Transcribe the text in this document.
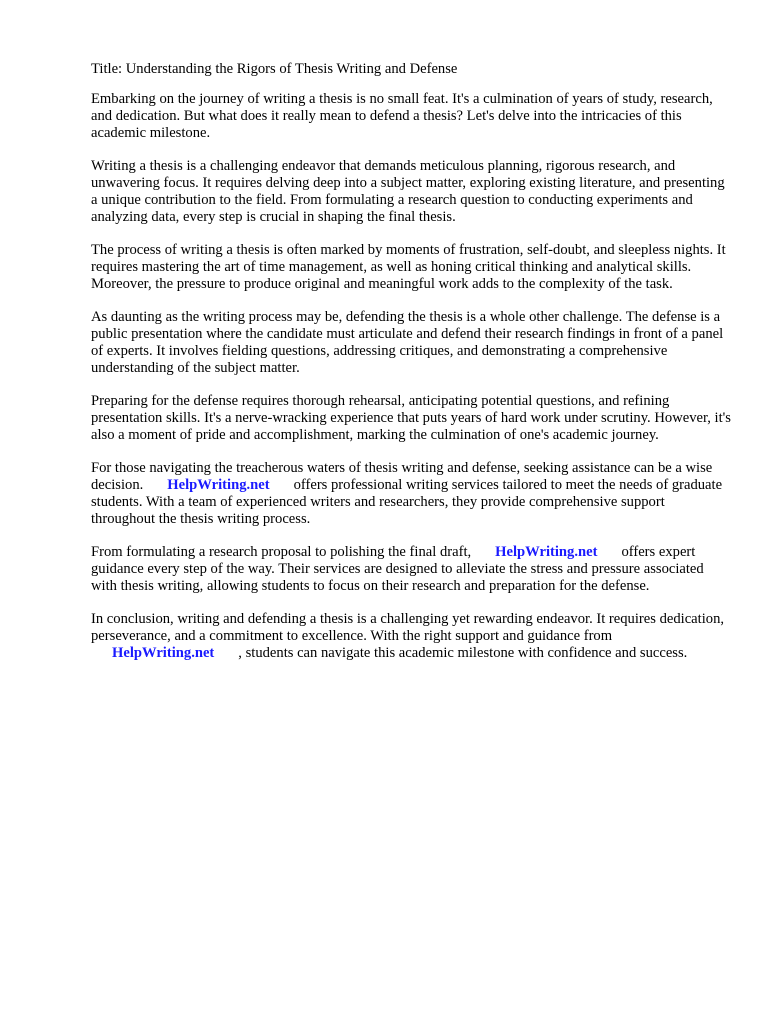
Title: Understanding the Rigors of Thesis Writing and Defense

Embarking on the journey of writing a thesis is no small feat. It's a culmination of years of study, research, and dedication. But what does it really mean to defend a thesis? Let's delve into the intricacies of this academic milestone.

Writing a thesis is a challenging endeavor that demands meticulous planning, rigorous research, and unwavering focus. It requires delving deep into a subject matter, exploring existing literature, and presenting a unique contribution to the field. From formulating a research question to conducting experiments and analyzing data, every step is crucial in shaping the final thesis.

The process of writing a thesis is often marked by moments of frustration, self-doubt, and sleepless nights. It requires mastering the art of time management, as well as honing critical thinking and analytical skills. Moreover, the pressure to produce original and meaningful work adds to the complexity of the task.

As daunting as the writing process may be, defending the thesis is a whole other challenge. The defense is a public presentation where the candidate must articulate and defend their research findings in front of a panel of experts. It involves fielding questions, addressing critiques, and demonstrating a comprehensive understanding of the subject matter.

Preparing for the defense requires thorough rehearsal, anticipating potential questions, and refining presentation skills. It's a nerve-wracking experience that puts years of hard work under scrutiny. However, it's also a moment of pride and accomplishment, marking the culmination of one's academic journey.

For those navigating the treacherous waters of thesis writing and defense, seeking assistance can be a wise decision. HelpWriting.net offers professional writing services tailored to meet the needs of graduate students. With a team of experienced writers and researchers, they provide comprehensive support throughout the thesis writing process.

From formulating a research proposal to polishing the final draft, HelpWriting.net offers expert guidance every step of the way. Their services are designed to alleviate the stress and pressure associated with thesis writing, allowing students to focus on their research and preparation for the defense.

In conclusion, writing and defending a thesis is a challenging yet rewarding endeavor. It requires dedication, perseverance, and a commitment to excellence. With the right support and guidance from HelpWriting.net , students can navigate this academic milestone with confidence and success.
